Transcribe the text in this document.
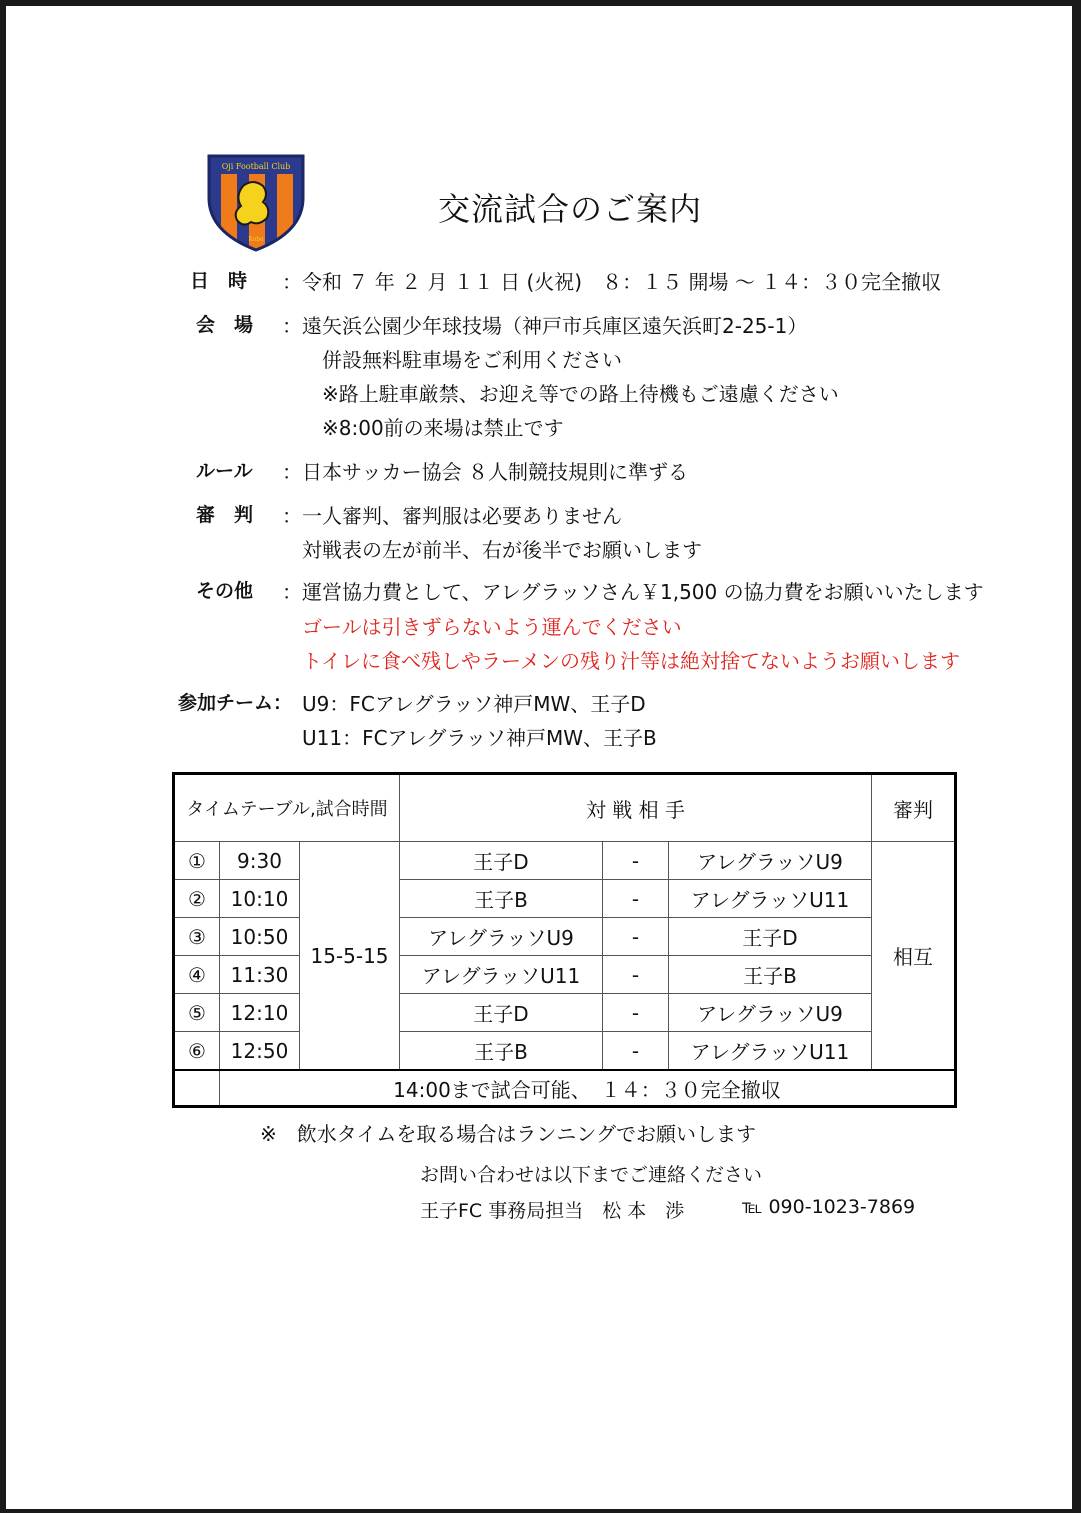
Oji Football Club
Kobe
交流試合のご案内
日　時 ： 令和 ７ 年 ２ 月 １１ 日 (火祝)　８：１５ 開場 ～ １４：３０完全撤収
会　場 ： 遠矢浜公園少年球技場（神戸市兵庫区遠矢浜町2-25-1）
併設無料駐車場をご利用ください
※路上駐車厳禁、お迎え等での路上待機もご遠慮ください
※8:00前の来場は禁止です
ルール ： 日本サッカー協会 ８人制競技規則に準ずる
審　判 ： 一人審判、審判服は必要ありません
対戦表の左が前半、右が後半でお願いします
その他 ： 運営協力費として、アレグラッソさん￥1,500 の協力費をお願いいたします
ゴールは引きずらないよう運んでください
トイレに食べ残しやラーメンの残り汁等は絶対捨てないようお願いします
参加チーム： U9：FCアレグラッソ神戸MW、王子D
U11：FCアレグラッソ神戸MW、王子B
タイムテーブル,試合時間			対 戦 相 手			審判
①	9:30	15-5-15	王子D	-	アレグラッソU9	相互
②	10:10		王子B	-	アレグラッソU11	
③	10:50		アレグラッソU9	-	王子D	
④	11:30		アレグラッソU11	-	王子B	
⑤	12:10		王子D	-	アレグラッソU9	
⑥	12:50		王子B	-	アレグラッソU11	
	14:00まで試合可能、　１４：３０完全撤収					
※　飲水タイムを取る場合はランニングでお願いします
お問い合わせは以下までご連絡ください
王子FC 事務局担当　松 本　渉	℡ 090-1023-7869
